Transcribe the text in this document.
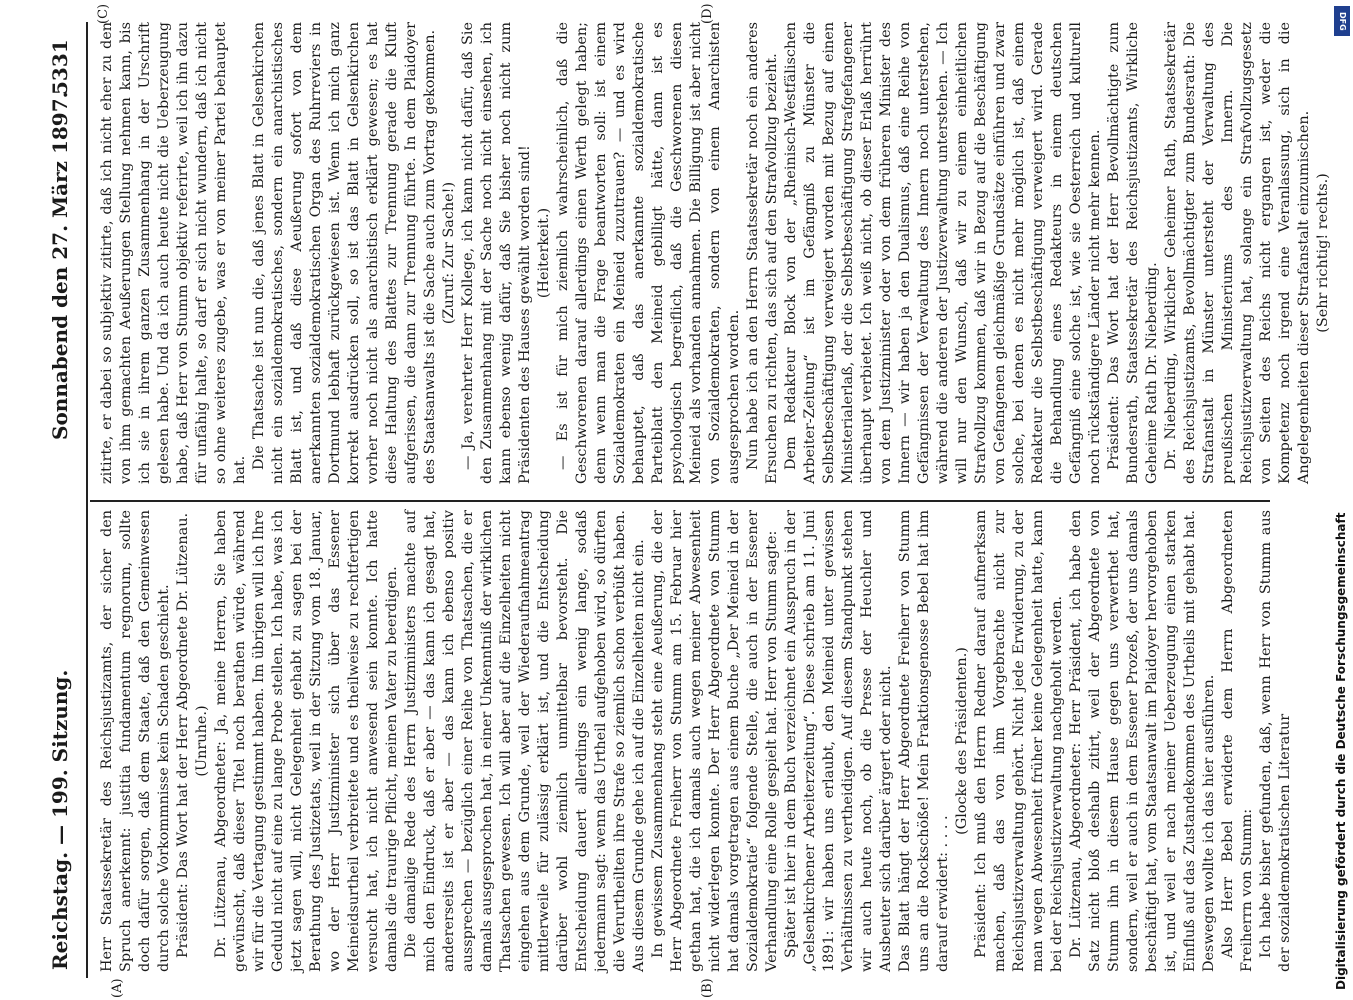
Reichstag. — 199. Sitzung.
Sonnabend den 27. März 1897.
5331
(A)	(B)
(C)	(D)

Herr Staatssekretär des Reichsjustizamts, der sicher den Spruch anerkennt: justitia fundamentum regnorum, sollte doch dafür sorgen, daß dem Staate, daß den Gemeinwesen durch solche Vorkommnisse kein Schaden geschieht. Präsident: Das Wort hat der Herr Abgeordnete Dr. Lützenau. (Unruhe.) Dr. Lützenau, Abgeordneter: Ja, meine Herren, Sie haben gewünscht, daß dieser Titel noch berathen würde, während wir für die Vertagung gestimmt haben. Im übrigen will ich Ihre Geduld nicht auf eine zu lange Probe stellen. Ich habe, was ich jetzt sagen will, nicht Gelegenheit gehabt zu sagen bei der Berathung des Justizetats, weil in der Sitzung vom 18. Januar, wo der Herr Justizminister sich über das Essener Meineidsurtheil verbreitete und es theilweise zu rechtfertigen versucht hat, ich nicht anwesend sein konnte. Ich hatte damals die traurige Pflicht, meinen Vater zu beerdigen. Die damalige Rede des Herrn Justizministers machte auf mich den Eindruck, daß er aber — das kann ich gesagt hat, andererseits ist er aber — das kann ich ebenso positiv aussprechen — bezüglich einer Reihe von Thatsachen, die er damals ausgesprochen hat, in einer Unkenntniß der wirklichen Thatsachen gewesen. Ich will aber auf die Einzelheiten nicht eingehen aus dem Grunde, weil der Wiederaufnahmeantrag mittlerweile für zulässig erklärt ist, und die Entscheidung darüber wohl ziemlich unmittelbar bevorsteht. Die Entscheidung dauert allerdings ein wenig lange, sodaß jedermann sagt: wenn das Urtheil aufgehoben wird, so dürften die Verurtheilten ihre Strafe so ziemlich schon verbüßt haben. Aus diesem Grunde gehe ich auf die Einzelheiten nicht ein. In gewissem Zusammenhang steht eine Aeußerung, die der Herr Abgeordnete Freiherr von Stumm am 15. Februar hier gethan hat, die ich damals auch wegen meiner Abwesenheit nicht widerlegen konnte. Der Herr Abgeordnete von Stumm hat damals vorgetragen aus einem Buche „Der Meineid in der Sozialdemokratie“ folgende Stelle, die auch in der Essener Verhandlung eine Rolle gespielt hat. Herr von Stumm sagte: Später ist hier in dem Buch verzeichnet ein Ausspruch in der „Gelsenkirchener Arbeiterzeitung“. Diese schrieb am 11. Juni 1891: wir haben uns erlaubt, den Meineid unter gewissen Verhältnissen zu vertheidigen. Auf diesem Standpunkt stehen wir auch heute noch, ob die Presse der Heuchler und Ausbeuter sich darüber ärgert oder nicht. Das Blatt hängt der Herr Abgeordnete Freiherr von Stumm uns an die Rockschöße! Mein Fraktionsgenosse Bebel hat ihm darauf erwidert: . . . .

(Glocke des Präsidenten.) Präsident: Ich muß den Herrn Redner darauf aufmerksam machen, daß das von ihm Vorgebrachte nicht zur Reichsjustizverwaltung gehört. Nicht jede Erwiderung, zu der man wegen Abwesenheit früher keine Gelegenheit hatte, kann bei der Reichsjustizverwaltung nachgeholt werden. Dr. Lützenau, Abgeordneter: Herr Präsident, ich habe den Satz nicht bloß deshalb zitirt, weil der Abgeordnete von Stumm ihn in diesem Hause gegen uns verwerthet hat, sondern, weil er auch in dem Essener Prozeß, der uns damals beschäftigt hat, vom Staatsanwalt im Plaidoyer hervorgehoben ist, und weil er nach meiner Ueberzeugung einen starken Einfluß auf das Zustandekommen des Urtheils mit gehabt hat. Deswegen wollte ich das hier ausführen. Also Herr Bebel erwiderte dem Herrn Abgeordneten Freiherrn von Stumm: Ich habe bisher gefunden, daß, wenn Herr von Stumm aus der sozialdemokratischen Literatur

zitirte, er dabei so subjektiv zitirte, daß ich nicht eher zu den von ihm gemachten Aeußerungen Stellung nehmen kann, bis ich sie in ihrem ganzen Zusammenhang in der Urschrift gelesen habe. Und da ich auch heute nicht die Ueberzeugung habe, daß Herr von Stumm objektiv referirte, weil ich ihn dazu für unfähig halte, so darf er sich nicht wundern, daß ich nicht so ohne weiteres zugebe, was er von meiner Partei behauptet hat. Die Thatsache ist nun die, daß jenes Blatt in Gelsenkirchen nicht ein sozialdemokratisches, sondern ein anarchistisches Blatt ist, und daß diese Aeußerung sofort von dem anerkannten sozialdemokratischen Organ des Ruhrreviers in Dortmund lebhaft zurückgewiesen ist. Wenn ich mich ganz korrekt ausdrücken soll, so ist das Blatt in Gelsenkirchen vorher noch nicht als anarchistisch erklärt gewesen; es hat diese Haltung des Blattes zur Trennung gerade die Kluft aufgerissen, die dann zur Trennung führte. In dem Plaidoyer des Staatsanwalts ist die Sache auch zum Vortrag gekommen. (Zuruf: Zur Sache!) — Ja, verehrter Herr Kollege, ich kann nicht dafür, daß Sie den Zusammenhang mit der Sache noch nicht einsehen, ich kann ebenso wenig dafür, daß Sie bisher noch nicht zum Präsidenten des Hauses gewählt worden sind! (Heiterkeit.) — Es ist für mich ziemlich wahrscheinlich, daß die Geschworenen darauf allerdings einen Werth gelegt haben; denn wenn man die Frage beantworten soll: ist einem Sozialdemokraten ein Meineid zuzutrauen? — und es wird behauptet, daß das anerkannte sozialdemokratische Parteiblatt den Meineid gebilligt hätte, dann ist es psychologisch begreiflich, daß die Geschworenen diesen Meineid als vorhanden annahmen. Die Billigung ist aber nicht von Sozialdemokraten, sondern von einem Anarchisten ausgesprochen worden. Nun habe ich an den Herrn Staatssekretär noch ein anderes Ersuchen zu richten, das sich auf den Strafvollzug bezieht. Dem Redakteur Block von der „Rheinisch-Westfälischen Arbeiter-Zeitung“ ist im Gefängniß zu Münster die Selbstbeschäftigung verweigert worden mit Bezug auf einen Ministerialerlaß, der die Selbstbeschäftigung Strafgefangener überhaupt verbietet. Ich weiß nicht, ob dieser Erlaß herrührt von dem Justizminister oder von dem früheren Minister des Innern — wir haben ja den Dualismus, daß eine Reihe von Gefängnissen der Verwaltung des Innern noch unterstehen, während die anderen der Justizverwaltung unterstehen. — Ich will nur den Wunsch, daß wir zu einem einheitlichen Strafvollzug kommen, daß wir in Bezug auf die Beschäftigung von Gefangenen gleichmäßige Grundsätze einführen und zwar solche, bei denen es nicht mehr möglich ist, daß einem Redakteur die Selbstbeschäftigung verweigert wird. Gerade die Behandlung eines Redakteurs in einem deutschen Gefängniß eine solche ist, wie sie Oesterreich und kulturell noch rückständigere Länder nicht mehr kennen. Präsident: Das Wort hat der Herr Bevollmächtigte zum Bundesrath, Staatssekretär des Reichsjustizamts, Wirkliche Geheime Rath Dr. Nieberding. Dr. Nieberding, Wirklicher Geheimer Rath, Staatssekretär des Reichsjustizamts, Bevollmächtigter zum Bundesrath: Die Strafanstalt in Münster untersteht der Verwaltung des preußischen Ministeriums des Innern. Die Reichsjustizverwaltung hat, solange ein Strafvollzugsgesetz von Seiten des Reichs nicht ergangen ist, weder die Kompetenz noch irgend eine Veranlassung, sich in die Angelegenheiten dieser Strafanstalt einzumischen. (Sehr richtig! rechts.)

DFG
Digitalisierung gefördert durch die Deutsche Forschungsgemeinschaft
